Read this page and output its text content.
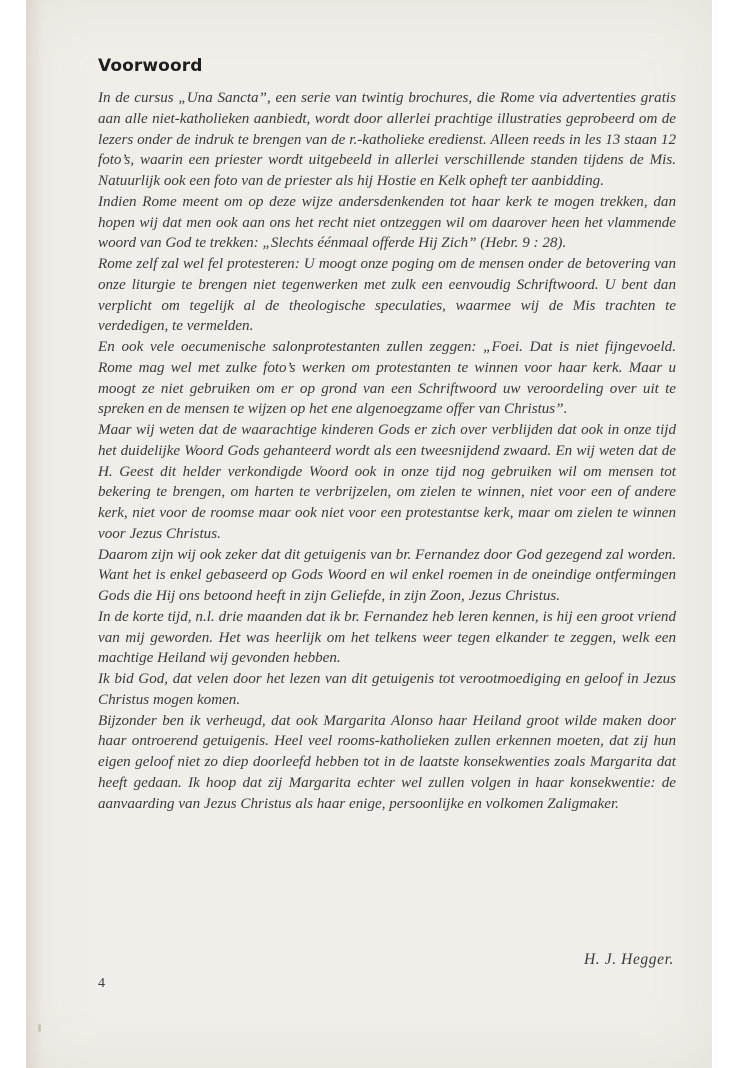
Voorwoord

In de cursus „Una Sancta”, een serie van twintig brochures, die Rome via advertenties gratis aan alle niet-katholieken aanbiedt, wordt door allerlei prachtige illustraties geprobeerd om de lezers onder de indruk te brengen van de r.-katholieke eredienst. Alleen reeds in les 13 staan 12 foto’s, waarin een priester wordt uitgebeeld in allerlei verschillende standen tijdens de Mis. Natuurlijk ook een foto van de priester als hij Hostie en Kelk opheft ter aanbidding.

Indien Rome meent om op deze wijze andersdenkenden tot haar kerk te mogen trekken, dan hopen wij dat men ook aan ons het recht niet ontzeggen wil om daarover heen het vlammende woord van God te trekken: „Slechts éénmaal offerde Hij Zich” (Hebr. 9 : 28).

Rome zelf zal wel fel protesteren: U moogt onze poging om de mensen onder de betovering van onze liturgie te brengen niet tegenwerken met zulk een eenvoudig Schriftwoord. U bent dan verplicht om tegelijk al de theologische speculaties, waarmee wij de Mis trachten te verdedigen, te vermelden.

En ook vele oecumenische salonprotestanten zullen zeggen: „Foei. Dat is niet fijngevoeld. Rome mag wel met zulke foto’s werken om protestanten te winnen voor haar kerk. Maar u moogt ze niet gebruiken om er op grond van een Schriftwoord uw veroordeling over uit te spreken en de mensen te wijzen op het ene algenoegzame offer van Christus”.

Maar wij weten dat de waarachtige kinderen Gods er zich over verblijden dat ook in onze tijd het duidelijke Woord Gods gehanteerd wordt als een tweesnijdend zwaard. En wij weten dat de H. Geest dit helder verkondigde Woord ook in onze tijd nog gebruiken wil om mensen tot bekering te brengen, om harten te verbrijzelen, om zielen te winnen, niet voor een of andere kerk, niet voor de roomse maar ook niet voor een protestantse kerk, maar om zielen te winnen voor Jezus Christus.

Daarom zijn wij ook zeker dat dit getuigenis van br. Fernandez door God gezegend zal worden. Want het is enkel gebaseerd op Gods Woord en wil enkel roemen in de oneindige ontfermingen Gods die Hij ons betoond heeft in zijn Geliefde, in zijn Zoon, Jezus Christus.

In de korte tijd, n.l. drie maanden dat ik br. Fernandez heb leren kennen, is hij een groot vriend van mij geworden. Het was heerlijk om het telkens weer tegen elkander te zeggen, welk een machtige Heiland wij gevonden hebben.

Ik bid God, dat velen door het lezen van dit getuigenis tot verootmoediging en geloof in Jezus Christus mogen komen.

Bijzonder ben ik verheugd, dat ook Margarita Alonso haar Heiland groot wilde maken door haar ontroerend getuigenis. Heel veel rooms-katholieken zullen erkennen moeten, dat zij hun eigen geloof niet zo diep doorleefd hebben tot in de laatste konsekwenties zoals Margarita dat heeft gedaan. Ik hoop dat zij Margarita echter wel zullen volgen in haar konsekwentie: de aanvaarding van Jezus Christus als haar enige, persoonlijke en volkomen Zaligmaker.

H. J. Hegger.
4
